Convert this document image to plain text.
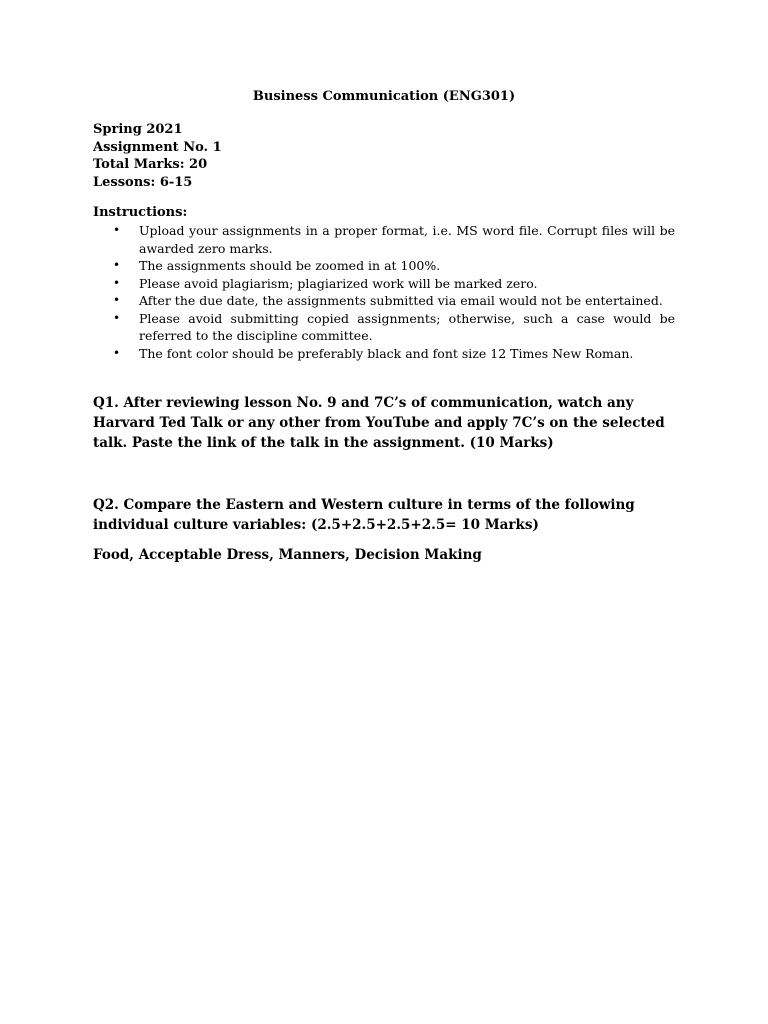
Business Communication (ENG301)
Spring 2021
Assignment No. 1
Total Marks: 20
Lessons: 6-15
Instructions:
• Upload your assignments in a proper format, i.e. MS word file. Corrupt files will be awarded zero marks.
• The assignments should be zoomed in at 100%.
• Please avoid plagiarism; plagiarized work will be marked zero.
• After the due date, the assignments submitted via email would not be entertained.
• Please avoid submitting copied assignments; otherwise, such a case would be referred to the discipline committee.
• The font color should be preferably black and font size 12 Times New Roman.
Q1. After reviewing lesson No. 9 and 7C’s of communication, watch any Harvard Ted Talk or any other from YouTube and apply 7C’s on the selected talk. Paste the link of the talk in the assignment. (10 Marks)
Q2. Compare the Eastern and Western culture in terms of the following individual culture variables: (2.5+2.5+2.5+2.5= 10 Marks)
Food, Acceptable Dress, Manners, Decision Making
